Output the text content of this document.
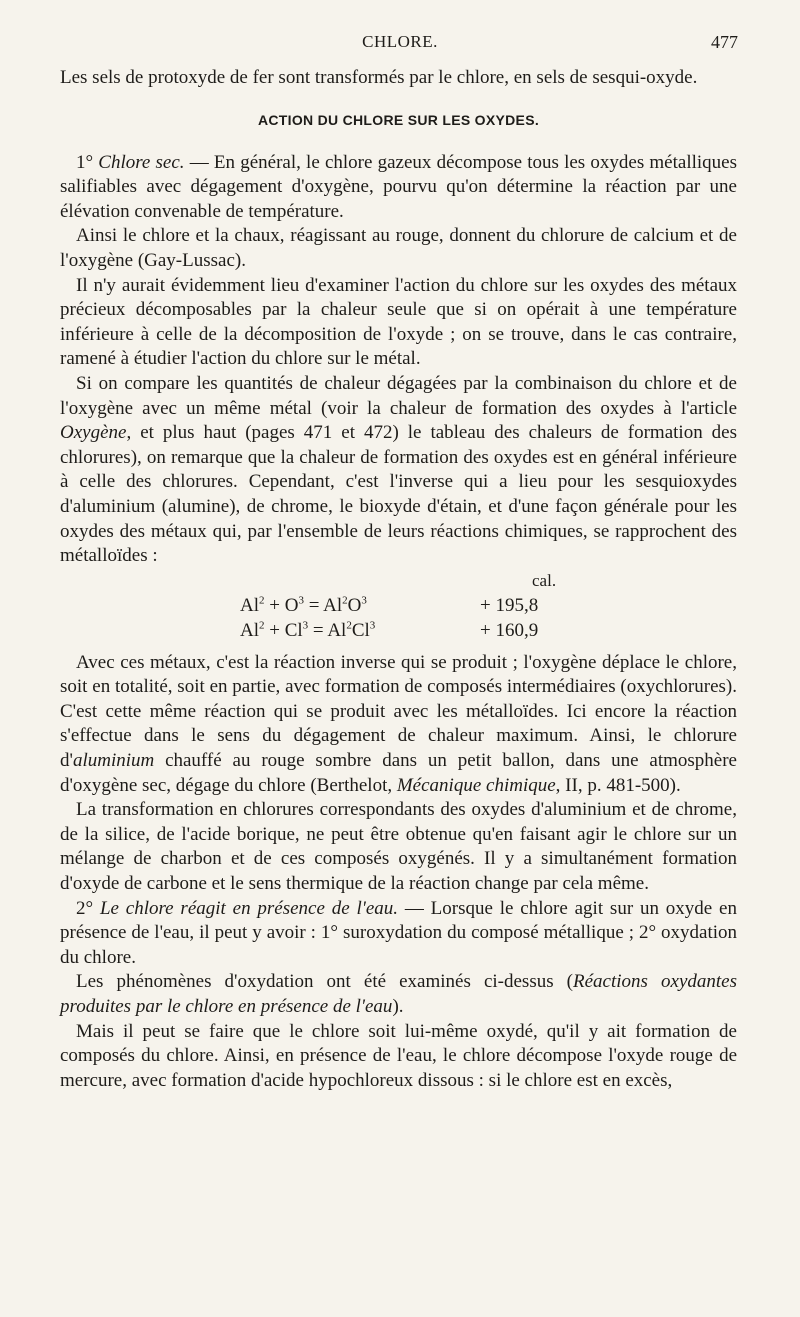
CHLORE.	477

Les sels de protoxyde de fer sont transformés par le chlore, en sels de sesqui-oxyde.

ACTION DU CHLORE SUR LES OXYDES.

1° Chlore sec. — En général, le chlore gazeux décompose tous les oxydes métalliques salifiables avec dégagement d'oxygène, pourvu qu'on détermine la réaction par une élévation convenable de température.

Ainsi le chlore et la chaux, réagissant au rouge, donnent du chlorure de calcium et de l'oxygène (Gay-Lussac).

Il n'y aurait évidemment lieu d'examiner l'action du chlore sur les oxydes des métaux précieux décomposables par la chaleur seule que si on opérait à une température inférieure à celle de la décomposition de l'oxyde ; on se trouve, dans le cas contraire, ramené à étudier l'action du chlore sur le métal.

Si on compare les quantités de chaleur dégagées par la combinaison du chlore et de l'oxygène avec un même métal (voir la chaleur de formation des oxydes à l'article Oxygène, et plus haut (pages 471 et 472) le tableau des chaleurs de formation des chlorures), on remarque que la chaleur de formation des oxydes est en général inférieure à celle des chlorures. Cependant, c'est l'inverse qui a lieu pour les sesquioxydes d'aluminium (alumine), de chrome, le bioxyde d'étain, et d'une façon générale pour les oxydes des métaux qui, par l'ensemble de leurs réactions chimiques, se rapprochent des métalloïdes :

cal.
$Al^2 + O^3 = Al^2O^3$	+ 195,8
$Al^2 + Cl^3 = Al^2Cl^3$	+ 160,9

Avec ces métaux, c'est la réaction inverse qui se produit ; l'oxygène déplace le chlore, soit en totalité, soit en partie, avec formation de composés intermédiaires (oxychlorures). C'est cette même réaction qui se produit avec les métalloïdes. Ici encore la réaction s'effectue dans le sens du dégagement de chaleur maximum. Ainsi, le chlorure d'aluminium chauffé au rouge sombre dans un petit ballon, dans une atmosphère d'oxygène sec, dégage du chlore (Berthelot, Mécanique chimique, II, p. 481-500).

La transformation en chlorures correspondants des oxydes d'aluminium et de chrome, de la silice, de l'acide borique, ne peut être obtenue qu'en faisant agir le chlore sur un mélange de charbon et de ces composés oxygénés. Il y a simultanément formation d'oxyde de carbone et le sens thermique de la réaction change par cela même.

2° Le chlore réagit en présence de l'eau. — Lorsque le chlore agit sur un oxyde en présence de l'eau, il peut y avoir : 1° suroxydation du composé métallique ; 2° oxydation du chlore.

Les phénomènes d'oxydation ont été examinés ci-dessus (Réactions oxydantes produites par le chlore en présence de l'eau).

Mais il peut se faire que le chlore soit lui-même oxydé, qu'il y ait formation de composés du chlore. Ainsi, en présence de l'eau, le chlore décompose l'oxyde rouge de mercure, avec formation d'acide hypochloreux dissous : si le chlore est en excès,
